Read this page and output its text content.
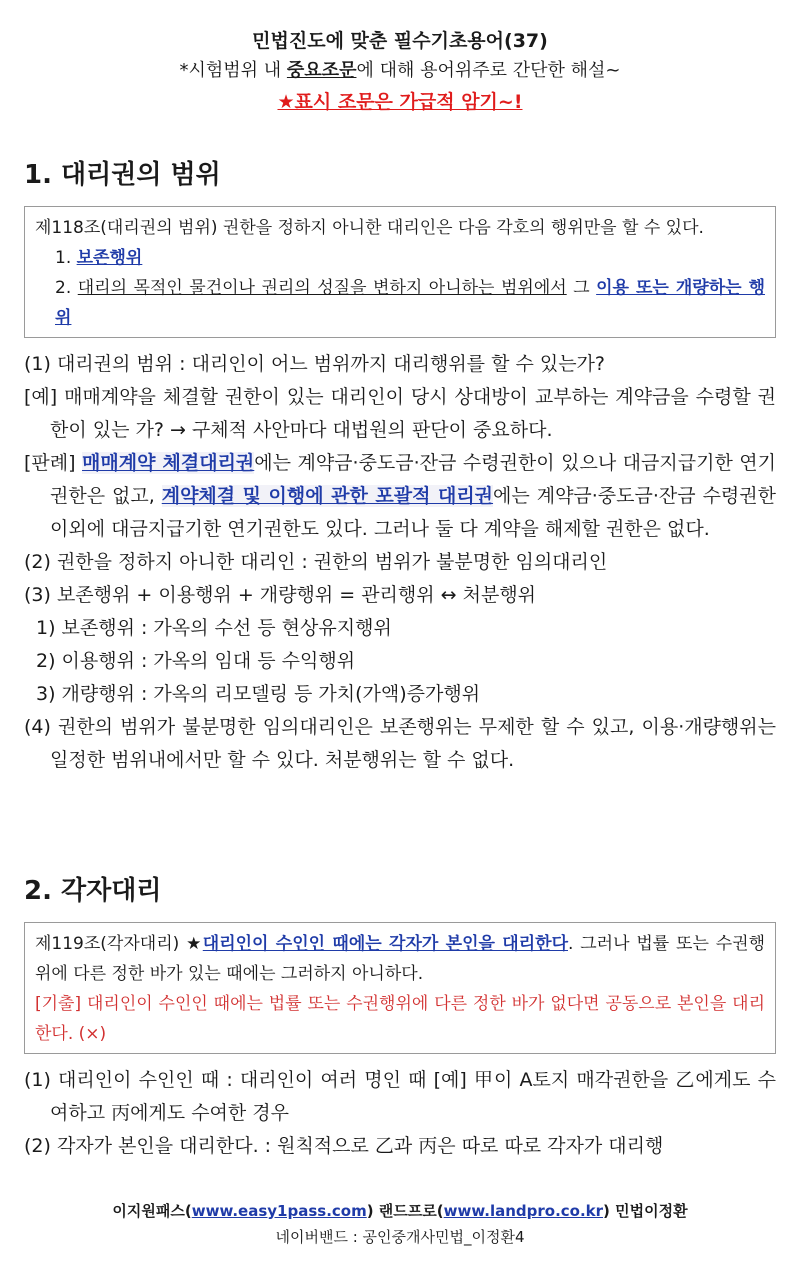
민법진도에 맞춘 필수기초용어(37)
*시험범위 내 중요조문에 대해 용어위주로 간단한 해설~
★표시 조문은 가급적 암기~!
1. 대리권의 범위
제118조(대리권의 범위) 권한을 정하지 아니한 대리인은 다음 각호의 행위만을 할 수 있다.
1. 보존행위
2. 대리의 목적인 물건이나 권리의 성질을 변하지 아니하는 범위에서 그 이용 또는 개량하는 행위
(1) 대리권의 범위 : 대리인이 어느 범위까지 대리행위를 할 수 있는가?
[예] 매매계약을 체결할 권한이 있는 대리인이 당시 상대방이 교부하는 계약금을 수령할 권한이 있는 가? → 구체적 사안마다 대법원의 판단이 중요하다.
[판례] 매매계약 체결대리권에는 계약금·중도금·잔금 수령권한이 있으나 대금지급기한 연기권한은 없고, 계약체결 및 이행에 관한 포괄적 대리권에는 계약금·중도금·잔금 수령권한 이외에 대금지급기한 연기권한도 있다. 그러나 둘 다 계약을 해제할 권한은 없다.
(2) 권한을 정하지 아니한 대리인 : 권한의 범위가 불분명한 임의대리인
(3) 보존행위 + 이용행위 + 개량행위 = 관리행위 ↔ 처분행위
1) 보존행위 : 가옥의 수선 등 현상유지행위
2) 이용행위 : 가옥의 임대 등 수익행위
3) 개량행위 : 가옥의 리모델링 등 가치(가액)증가행위
(4) 권한의 범위가 불분명한 임의대리인은 보존행위는 무제한 할 수 있고, 이용·개량행위는 일정한 범위내에서만 할 수 있다. 처분행위는 할 수 없다.
2. 각자대리
제119조(각자대리) ★대리인이 수인인 때에는 각자가 본인을 대리한다. 그러나 법률 또는 수권행위에 다른 정한 바가 있는 때에는 그러하지 아니하다.
[기출] 대리인이 수인인 때에는 법률 또는 수권행위에 다른 정한 바가 없다면 공동으로 본인을 대리한다. (×)
(1) 대리인이 수인인 때 : 대리인이 여러 명인 때 [예] 甲이 A토지 매각권한을 乙에게도 수여하고 丙에게도 수여한 경우
(2) 각자가 본인을 대리한다. : 원칙적으로 乙과 丙은 따로 따로 각자가 대리행
이지원패스(www.easy1pass.com) 랜드프로(www.landpro.co.kr) 민법이정환
네이버밴드 : 공인중개사민법_이정환4
